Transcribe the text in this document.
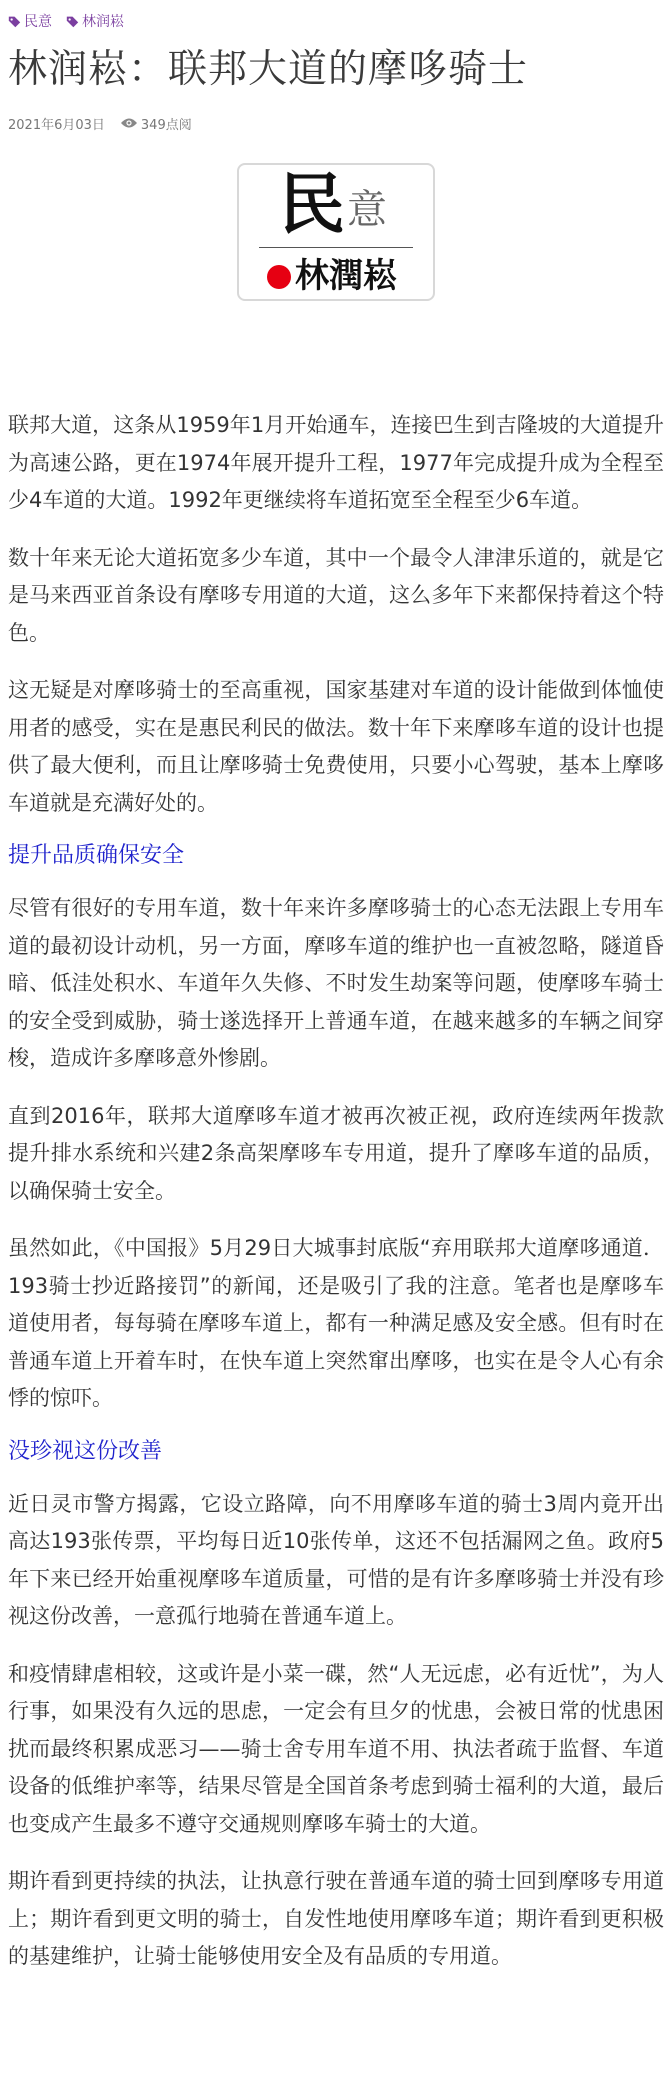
民意 林润崧
林润崧：联邦大道的摩哆骑士
2021年6月03日	349点阅
民 意
林潤崧

联邦大道，这条从1959年1月开始通车，连接巴生到吉隆坡的大道提升为高速公路，更在1974年展开提升工程，1977年完成提升成为全程至少4车道的大道。1992年更继续将车道拓宽至全程至少6车道。

数十年来无论大道拓宽多少车道，其中一个最令人津津乐道的，就是它是马来西亚首条设有摩哆专用道的大道，这么多年下来都保持着这个特色。

这无疑是对摩哆骑士的至高重视，国家基建对车道的设计能做到体恤使用者的感受，实在是惠民利民的做法。数十年下来摩哆车道的设计也提供了最大便利，而且让摩哆骑士免费使用，只要小心驾驶，基本上摩哆车道就是充满好处的。

提升品质确保安全

尽管有很好的专用车道，数十年来许多摩哆骑士的心态无法跟上专用车道的最初设计动机，另一方面，摩哆车道的维护也一直被忽略，隧道昏暗、低洼处积水、车道年久失修、不时发生劫案等问题，使摩哆车骑士的安全受到威胁，骑士遂选择开上普通车道，在越来越多的车辆之间穿梭，造成许多摩哆意外惨剧。

直到2016年，联邦大道摩哆车道才被再次被正视，政府连续两年拨款提升排水系统和兴建2条高架摩哆车专用道，提升了摩哆车道的品质，以确保骑士安全。

虽然如此，《中国报》5月29日大城事封底版“弃用联邦大道摩哆通道．193骑士抄近路接罚”的新闻，还是吸引了我的注意。笔者也是摩哆车道使用者，每每骑在摩哆车道上，都有一种满足感及安全感。但有时在普通车道上开着车时，在快车道上突然窜出摩哆，也实在是令人心有余悸的惊吓。

没珍视这份改善

近日灵市警方揭露，它设立路障，向不用摩哆车道的骑士3周内竟开出高达193张传票，平均每日近10张传单，这还不包括漏网之鱼。政府5年下来已经开始重视摩哆车道质量，可惜的是有许多摩哆骑士并没有珍视这份改善，一意孤行地骑在普通车道上。

和疫情肆虐相较，这或许是小菜一碟，然“人无远虑，必有近忧”，为人行事，如果没有久远的思虑，一定会有旦夕的忧患，会被日常的忧患困扰而最终积累成恶习——骑士舍专用车道不用、执法者疏于监督、车道设备的低维护率等，结果尽管是全国首条考虑到骑士福利的大道，最后也变成产生最多不遵守交通规则摩哆车骑士的大道。

期许看到更持续的执法，让执意行驶在普通车道的骑士回到摩哆专用道上；期许看到更文明的骑士，自发性地使用摩哆车道；期许看到更积极的基建维护，让骑士能够使用安全及有品质的专用道。
